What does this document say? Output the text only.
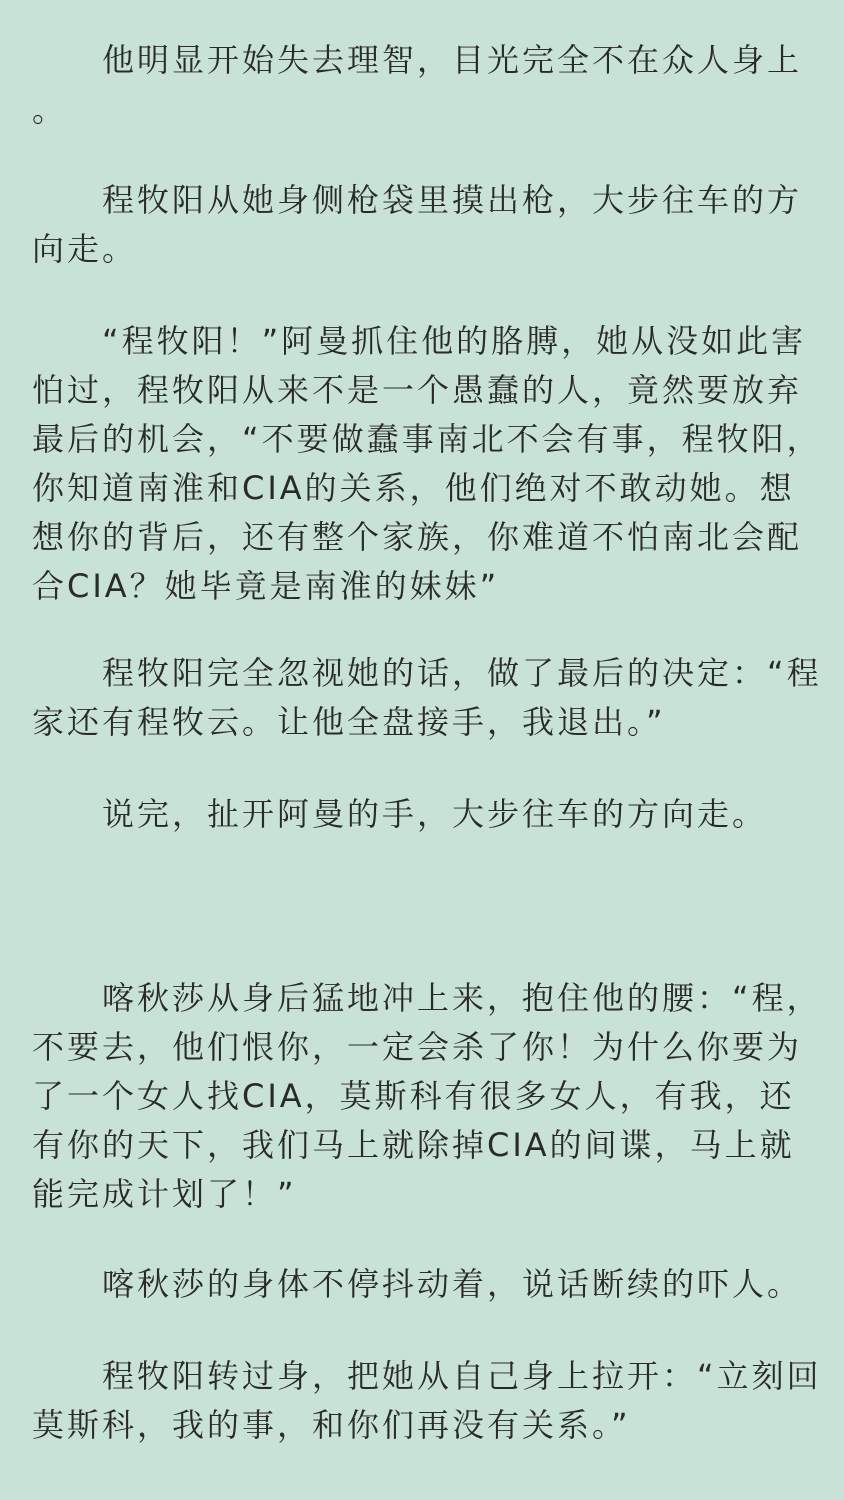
他明显开始失去理智，目光完全不在众人身上
。
程牧阳从她身侧枪袋里摸出枪，大步往车的方
向走。
“程牧阳！”阿曼抓住他的胳膊，她从没如此害
怕过，程牧阳从来不是一个愚蠢的人，竟然要放弃
最后的机会，“不要做蠢事南北不会有事，程牧阳，
你知道南淮和CIA的关系，他们绝对不敢动她。想
想你的背后，还有整个家族，你难道不怕南北会配
合CIA？她毕竟是南淮的妹妹”
程牧阳完全忽视她的话，做了最后的决定：“程
家还有程牧云。让他全盘接手，我退出。”
说完，扯开阿曼的手，大步往车的方向走。
喀秋莎从身后猛地冲上来，抱住他的腰：“程，
不要去，他们恨你，一定会杀了你！为什么你要为
了一个女人找CIA，莫斯科有很多女人，有我，还
有你的天下，我们马上就除掉CIA的间谍，马上就
能完成计划了！”
喀秋莎的身体不停抖动着，说话断续的吓人。
程牧阳转过身，把她从自己身上拉开：“立刻回
莫斯科，我的事，和你们再没有关系。”
